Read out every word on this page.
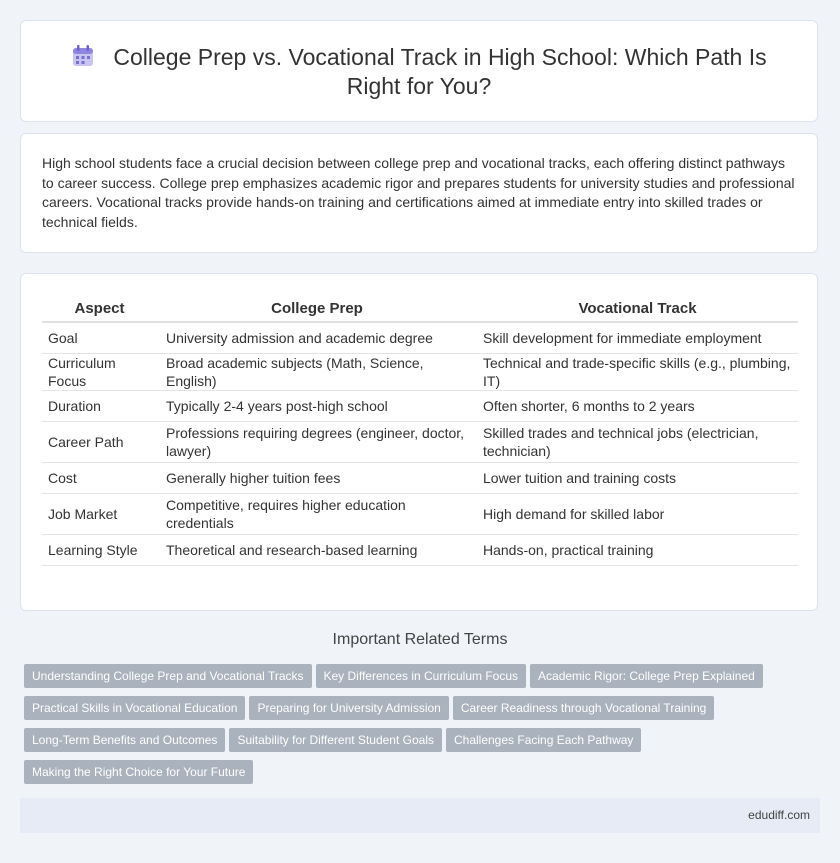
College Prep vs. Vocational Track in High School: Which Path Is Right for You?

High school students face a crucial decision between college prep and vocational tracks, each offering distinct pathways to career success. College prep emphasizes academic rigor and prepares students for university studies and professional careers. Vocational tracks provide hands-on training and certifications aimed at immediate entry into skilled trades or technical fields.

Aspect		College Prep		Vocational Track
Goal		University admission and academic degree		Skill development for immediate employment
Curriculum Focus		Broad academic subjects (Math, Science, English)		Technical and trade-specific skills (e.g., plumbing, IT)
Duration		Typically 2-4 years post-high school		Often shorter, 6 months to 2 years
Career Path		Professions requiring degrees (engineer, doctor, lawyer)		Skilled trades and technical jobs (electrician, technician)
Cost		Generally higher tuition fees		Lower tuition and training costs
Job Market		Competitive, requires higher education credentials		High demand for skilled labor
Learning Style		Theoretical and research-based learning		Hands-on, practical training
Important Related Terms
Understanding College Prep and Vocational Tracks Key Differences in Curriculum Focus Academic Rigor: College Prep ExplainedPractical Skills in Vocational Education Preparing for University Admission Career Readiness through Vocational TrainingLong-Term Benefits and Outcomes Suitability for Different Student Goals Challenges Facing Each PathwayMaking the Right Choice for Your Future
edudiff.com
